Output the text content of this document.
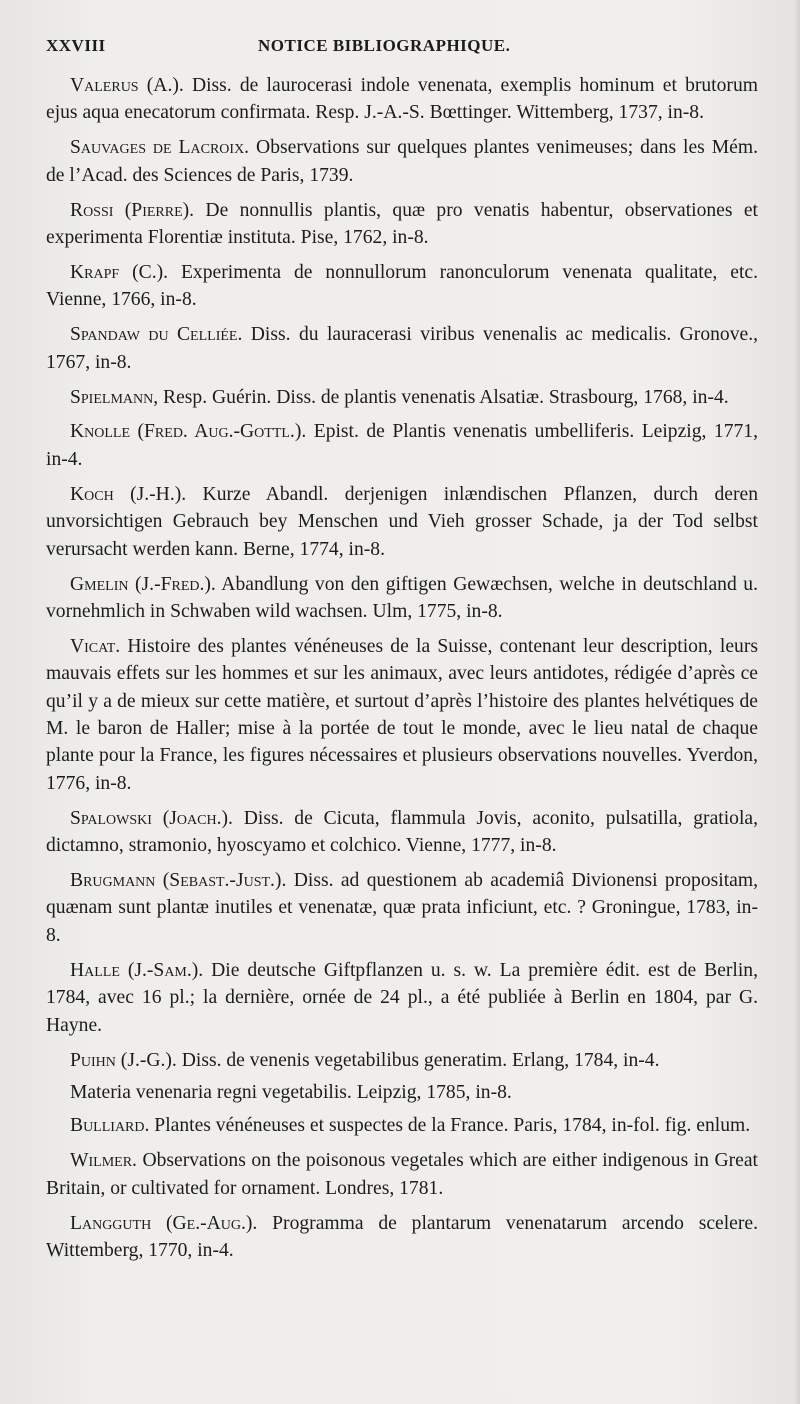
XXVIII	NOTICE BIBLIOGRAPHIQUE.

Valerus (A.). Diss. de laurocerasi indole venenata, exemplis hominum et brutorum ejus aqua enecatorum confirmata. Resp. J.-A.-S. Bœttinger. Wittemberg, 1737, in-8.

Sauvages de Lacroix. Observations sur quelques plantes venimeuses; dans les Mém. de l’Acad. des Sciences de Paris, 1739.

Rossi (Pierre). De nonnullis plantis, quæ pro venatis habentur, observationes et experimenta Florentiæ instituta. Pise, 1762, in-8.

Krapf (C.). Experimenta de nonnullorum ranonculorum venenata qualitate, etc. Vienne, 1766, in-8.

Spandaw du Celliée. Diss. du lauracerasi viribus venenalis ac medicalis. Gronove., 1767, in-8.

Spielmann, Resp. Guérin. Diss. de plantis venenatis Alsatiæ. Strasbourg, 1768, in-4.

Knolle (Fred. Aug.-Gottl.). Epist. de Plantis venenatis umbelliferis. Leipzig, 1771, in-4.

Koch (J.-H.). Kurze Abandl. derjenigen inlændischen Pflanzen, durch deren unvorsichtigen Gebrauch bey Menschen und Vieh grosser Schade, ja der Tod selbst verursacht werden kann. Berne, 1774, in-8.

Gmelin (J.-Fred.). Abandlung von den giftigen Gewæchsen, welche in deutschland u. vornehmlich in Schwaben wild wachsen. Ulm, 1775, in-8.

Vicat. Histoire des plantes vénéneuses de la Suisse, contenant leur description, leurs mauvais effets sur les hommes et sur les animaux, avec leurs antidotes, rédigée d’après ce qu’il y a de mieux sur cette matière, et surtout d’après l’histoire des plantes helvétiques de M. le baron de Haller; mise à la portée de tout le monde, avec le lieu natal de chaque plante pour la France, les figures nécessaires et plusieurs observations nouvelles. Yverdon, 1776, in-8.

Spalowski (Joach.). Diss. de Cicuta, flammula Jovis, aconito, pulsatilla, gratiola, dictamno, stramonio, hyoscyamo et colchico. Vienne, 1777, in-8.

Brugmann (Sebast.-Just.). Diss. ad questionem ab academiâ Divionensi propositam, quænam sunt plantæ inutiles et venenatæ, quæ prata inficiunt, etc. ? Groningue, 1783, in-8.

Halle (J.-Sam.). Die deutsche Giftpflanzen u. s. w. La première édit. est de Berlin, 1784, avec 16 pl.; la dernière, ornée de 24 pl., a été publiée à Berlin en 1804, par G. Hayne.

Puihn (J.-G.). Diss. de venenis vegetabilibus generatim. Erlang, 1784, in-4.

Materia venenaria regni vegetabilis. Leipzig, 1785, in-8.

Bulliard. Plantes vénéneuses et suspectes de la France. Paris, 1784, in-fol. fig. enlum.

Wilmer. Observations on the poisonous vegetales which are either indigenous in Great Britain, or cultivated for ornament. Londres, 1781.

Langguth (Ge.-Aug.). Programma de plantarum venenatarum arcendo scelere. Wittemberg, 1770, in-4.
